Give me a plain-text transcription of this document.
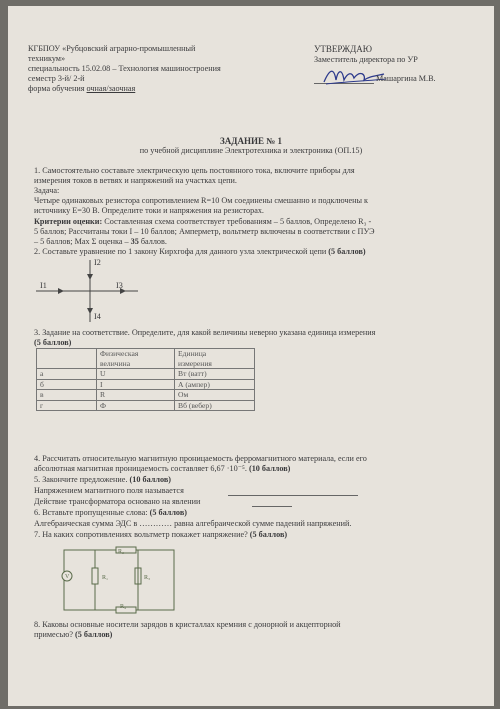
КГБПОУ «Рубцовский аграрно-промышленный
техникум»
специальность 15.02.08 – Технология машиностроения
семестр 3-й/ 2-й
форма обучения очная/заочная
УТВЕРЖДАЮ
Заместитель директора по УР
Машаргина М.В.
ЗАДАНИЕ № 1
по учебной дисциплине Электротехника и электроника (ОП.15)
1. Самостоятельно составьте электрическую цепь постоянного тока, включите приборы для
измерения токов в ветвях и напряжений на участках цепи.
Задача:
Четыре одинаковых резистора сопротивлением R=10 Ом соединены смешанно и подключены к
источнику Е=30 В. Определите токи и напряжения на резисторах.
Критерии оценки: Составленная схема соответствует требованиям – 5 баллов, Определено R₃ -
5 баллов; Рассчитаны токи I – 10 баллов; Амперметр, вольтметр включены в соответствии с ПУЭ
– 5 баллов; Max Σ оценка – 35 баллов.
2. Составьте уравнение по 1 закону Кирхгофа для данного узла электрической цепи (5 баллов)
I2
I1	I3
I4
3. Задание на соответствие. Определите, для какой величины неверно указана единица измерения
(5 баллов)
	Физическая
величина	Единица
измерения
а	U	Вт (ватт)
б	I	А (ампер)
в	R	Ом
г	Ф	Вб (вебер)
4. Рассчитать относительную магнитную проницаемость ферромагнитного материала, если его
абсолютная магнитная проницаемость составляет 6,67 ·10⁻⁵. (10 баллов)
5. Закончите предложение. (10 баллов)
Напряжением магнитного поля называется
Действие трансформатора основано на явлении
6. Вставьте пропущенные слова: (5 баллов)
Алгебраическая сумма ЭДС в ………… равна алгебраической сумме падений напряжений.
7. На каких сопротивлениях вольтметр покажет напряжение? (5 баллов)
R₂
R₁	R₃
R₄
V
8. Каковы основные носители зарядов в кристаллах кремния с донорной и акцепторной
примесью? (5 баллов)
